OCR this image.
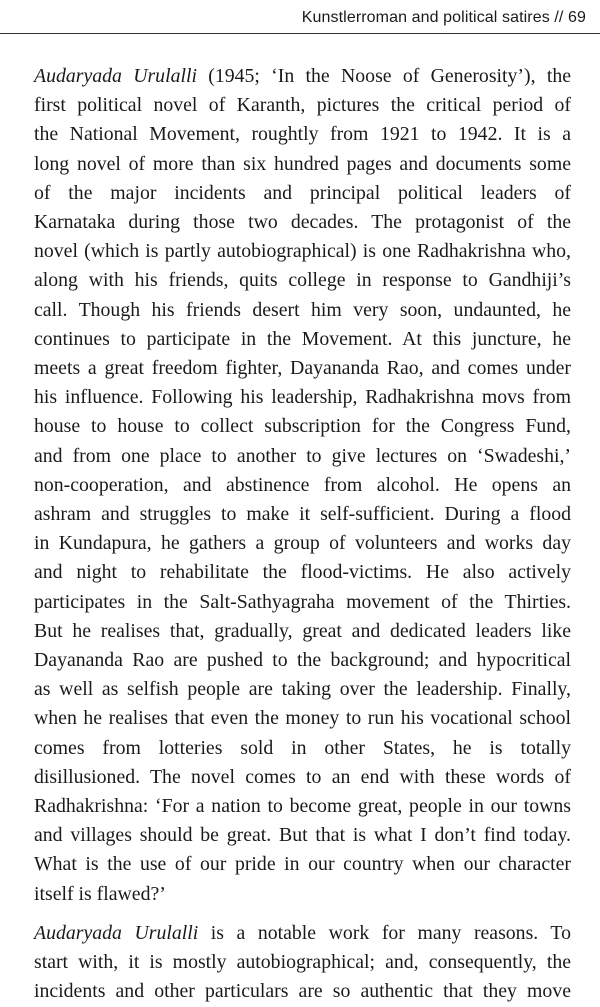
Kunstlerroman and political satires // 69

Audaryada Urulalli (1945; ‘In the Noose of Generosity’), the
first political novel of Karanth, pictures the critical period of
the National Movement, roughtly from 1921 to 1942. It is a
long novel of more than six hundred pages and documents some
of the major incidents and principal political leaders of
Karnataka during those two decades. The protagonist of the
novel (which is partly autobiographical) is one Radhakrishna who,
along with his friends, quits college in response to Gandhiji’s
call. Though his friends desert him very soon, undaunted, he
continues to participate in the Movement. At this juncture, he
meets a great freedom fighter, Dayananda Rao, and comes under
his influence. Following his leadership, Radhakrishna movs from
house to house to collect subscription for the Congress Fund,
and from one place to another to give lectures on ‘Swadeshi,’
non-cooperation, and abstinence from alcohol. He opens an
ashram and struggles to make it self-sufficient. During a flood
in Kundapura, he gathers a group of volunteers and works day
and night to rehabilitate the flood-victims. He also actively
participates in the Salt-Sathyagraha movement of the Thirties.
But he realises that, gradually, great and dedicated leaders like
Dayananda Rao are pushed to the background; and hypocritical
as well as selfish people are taking over the leadership. Finally,
when he realises that even the money to run his vocational school
comes from lotteries sold in other States, he is totally
disillusioned. The novel comes to an end with these words of
Radhakrishna: ‘For a nation to become great, people in our towns
and villages should be great. But that is what I don’t find today.
What is the use of our pride in our country when our character
itself is flawed?’

Audaryada Urulalli is a notable work for many reasons. To
start with, it is mostly autobiographical; and, consequently, the
incidents and other particulars are so authentic that they move
